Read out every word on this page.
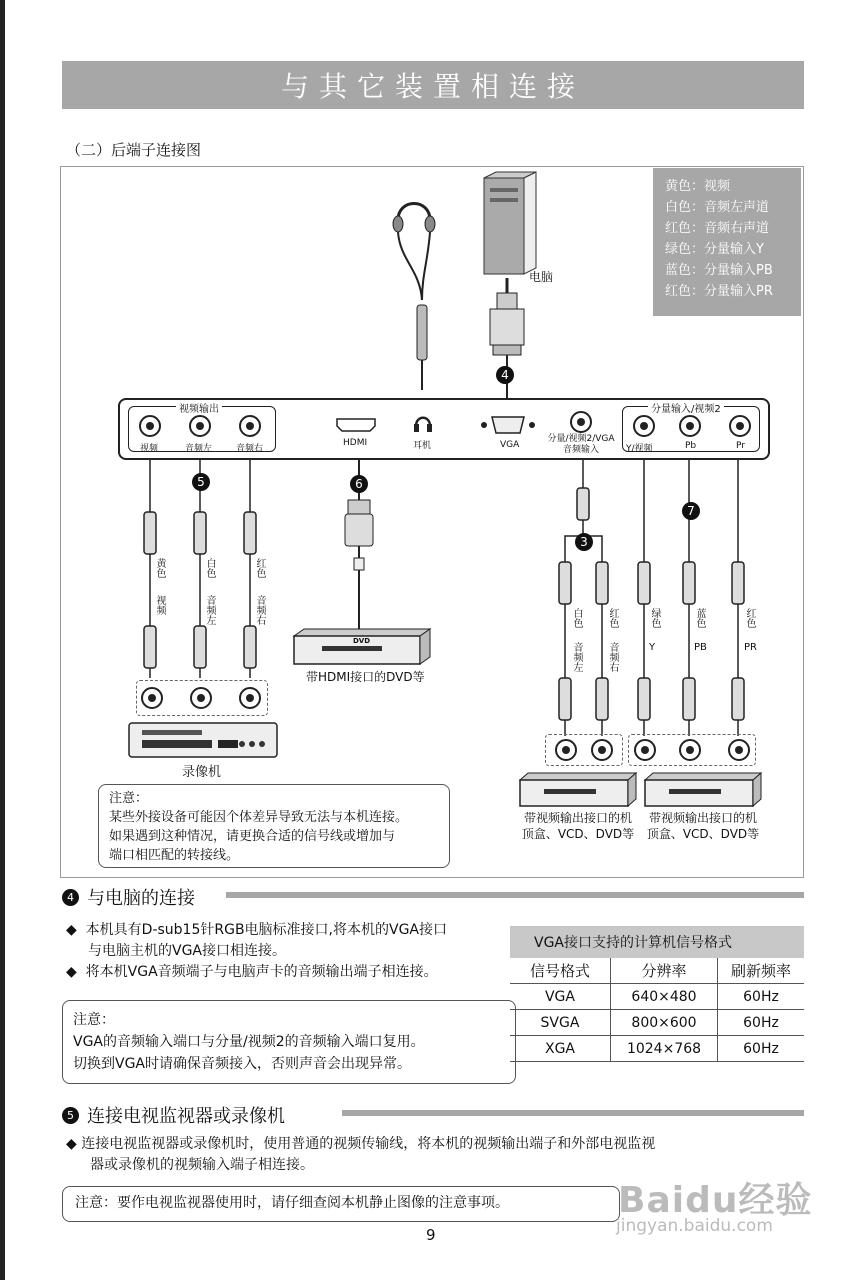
与其它装置相连接
（二）后端子连接图
黄色：视频
白色：音频左声道
红色：音频右声道
绿色：分量输入Y
蓝色：分量输入PB
红色：分量输入PR
电脑
4
视频输出
视频	音频左	音频右
HDMI	耳机	VGA
分量/视频2/VGA音频输入
分量输入/视频2
Y/视频	Pb	Pr
5
黄色
视频
白色
音频左
红色
音频右
录像机
6
DVD
带HDMI接口的DVD等
3
7
白色
音频左
红色
音频右
绿色
Y
蓝色
PB
红色
PR
带视频输出接口的机
顶盒、VCD、DVD等
带视频输出接口的机
顶盒、VCD、DVD等
注意：
某些外接设备可能因个体差异导致无法与本机连接。
如果遇到这种情况，请更换合适的信号线或增加与
端口相匹配的转接线。
4 与电脑的连接
◆  本机具有D-sub15针RGB电脑标准接口,将本机的VGA接口
与电脑主机的VGA接口相连接。
◆  将本机VGA音频端子与电脑声卡的音频输出端子相连接。
注意：
VGA的音频输入端口与分量/视频2的音频输入端口复用。
切换到VGA时请确保音频接入，否则声音会出现异常。
VGA接口支持的计算机信号格式
信号格式	分辨率	刷新频率
VGA	640×480	60Hz
SVGA	800×600	60Hz
XGA	1024×768	60Hz
5 连接电视监视器或录像机
◆ 连接电视监视器或录像机时，使用普通的视频传输线，将本机的视频输出端子和外部电视监视
器或录像机的视频输入端子相连接。
注意：要作电视监视器使用时，请仔细查阅本机静止图像的注意事项。	Baidu经验
jingyan.baidu.com
9
